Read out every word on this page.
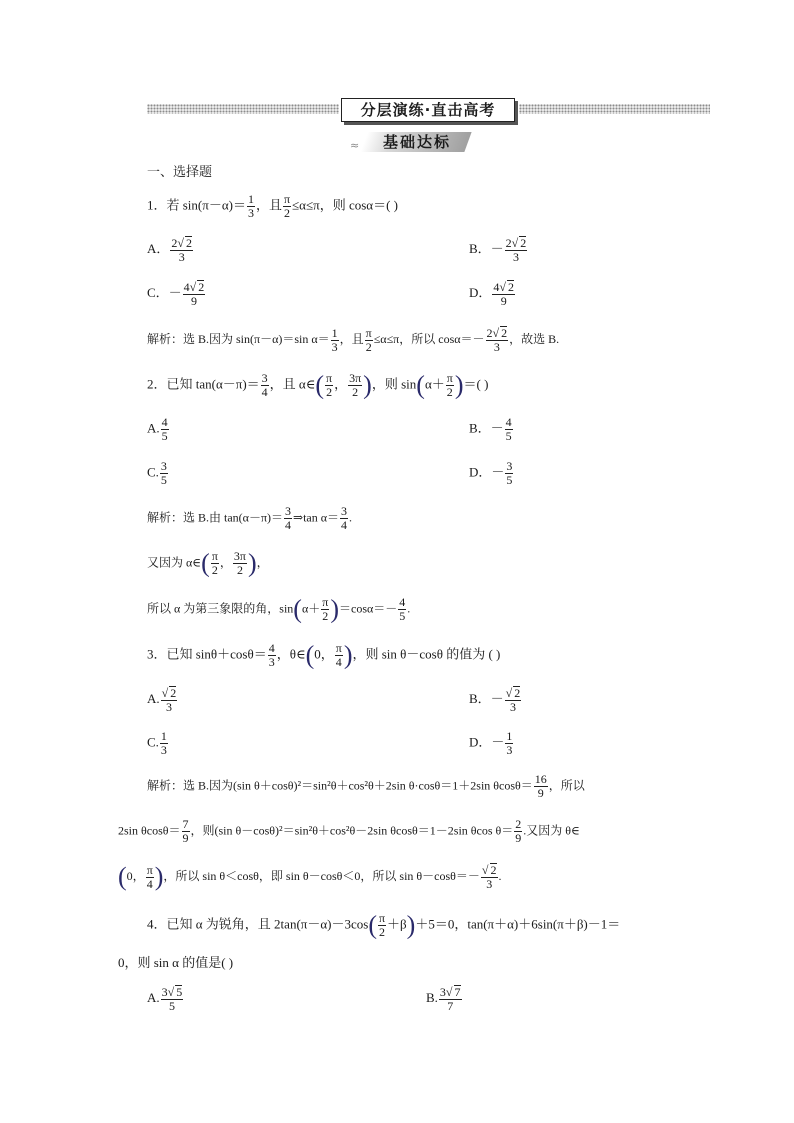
分层演练·直击高考
≈	基础达标
一、选择题
1．若 $\sin(\pi-\alpha)= \frac{1}{3}$ ，且 $\frac{\pi}{2} \le\alpha\le\pi$，则 cosα＝( )
A． $\frac{2√ 2}{3}$	B．－ $\frac{2√ 2}{3}$
C．－ $\frac{4√ 2}{9}$	D． $\frac{4√ 2}{9}$
解析：选 B.因为 sin(π－α)＝sin $\alpha= \frac{1}{3}$ ，且 $\frac{\pi}{2} \le\alpha\le\pi$，所以 $\cos\alpha=- \frac{2√ 2}{3}$ ，故选 B.
2．已知 $\tan(\alpha-\pi)= \frac{3}{4}$ ，且 α∈( $\frac{\pi}{2}$ ， $\frac{3\pi}{2}$ )，则 $\sin(\alpha+ \frac{\pi}{2}$ )＝( )
A. $\frac{4}{5}$	B．－ $\frac{4}{5}$
C. $\frac{3}{5}$	D．－ $\frac{3}{5}$
解析：选 B.由 $\tan(\alpha-\pi)= \frac{3}{4}$ ⇒tan $\alpha= \frac{3}{4}$ .
又因为 α∈( $\frac{\pi}{2}$ ， $\frac{3\pi}{2}$ )，
所以 α 为第三象限的角，$\sin(\alpha+ \frac{\pi}{2} )=\cos\alpha=- \frac{4}{5}$ .
3．已知 $\sin\theta+\cos\theta= \frac{4}{3}$ ，θ∈(0， $\frac{\pi}{4}$ )，则 sin θ－cosθ 的值为 ( )
A. $\frac{√ 2}{3}$	B．－ $\frac{√ 2}{3}$
C. $\frac{1}{3}$	D．－ $\frac{1}{3}$
解析：选 B.因为(sin θ＋cosθ)²＝sin²θ＋cos²θ＋2sin θ·cosθ＝1＋2sin $\theta\cos\theta= \frac{16}{9}$ ，所以
2sin $\theta\cos\theta= \frac{7}{9}$ ，则(sin θ－cosθ)²＝sin²θ＋cos²θ－2sin θcosθ＝1－2sin θcos $\theta= \frac{2}{9}$ .又因为 θ∈
(0， $\frac{\pi}{4}$ )，所以 sin θ＜cosθ，即 sin θ－cosθ＜0，所以 $\sin \theta-\cos\theta=- \frac{√ 2}{3}$ .
4．已知 α 为锐角，且 $2\tan(\pi-\alpha)-3\cos( \frac{\pi}{2} +\beta)+5=0$，tan(π＋α)＋6sin(π＋β)－1＝
0，则 sin α 的值是( )
A. $\frac{3√ 5}{5}$	B. $\frac{3√ 7}{7}$
